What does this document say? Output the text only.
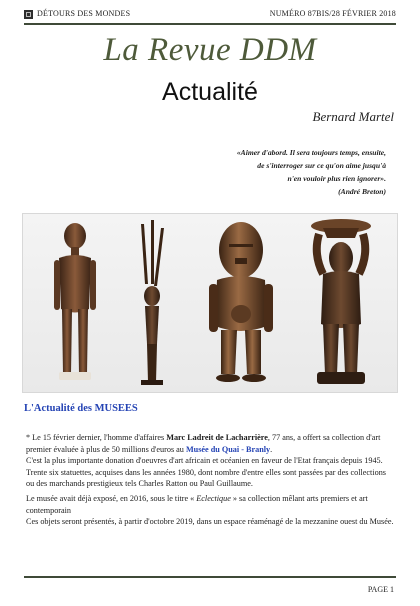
DÉTOURS DES MONDES	NUMÉRO 87BIS/28 FÉVRIER 2018
La Revue DDM
Actualité
Bernard Martel
«Aimer d'abord. Il sera toujours temps, ensuite,
de s'interroger sur ce qu'on aime jusqu'à
n'en vouloir plus rien ignorer».
(André Breton)
L'Actualité des MUSEES
* Le 15 février dernier, l'homme d'affaires Marc Ladreit de Lacharrière, 77 ans, a offert sa collection d'art premier évaluée à plus de 50 millions d'euros au Musée du Quai - Branly.
C'est la plus importante donation d'oeuvres d'art africain et océanien en faveur de l'Etat français depuis 1945. Trente six statuettes, acquises dans les années 1980, dont nombre d'entre elles sont passées par des collections ou des marchands prestigieux tels Charles Ratton ou Paul Guillaume.
Le musée avait déjà exposé, en 2016, sous le titre « Eclectique » sa collection mêlant arts premiers et art contemporain
Ces objets seront présentés, à partir d'octobre 2019, dans un espace réaménagé de la mezzanine ouest du Musée.
PAGE 1
